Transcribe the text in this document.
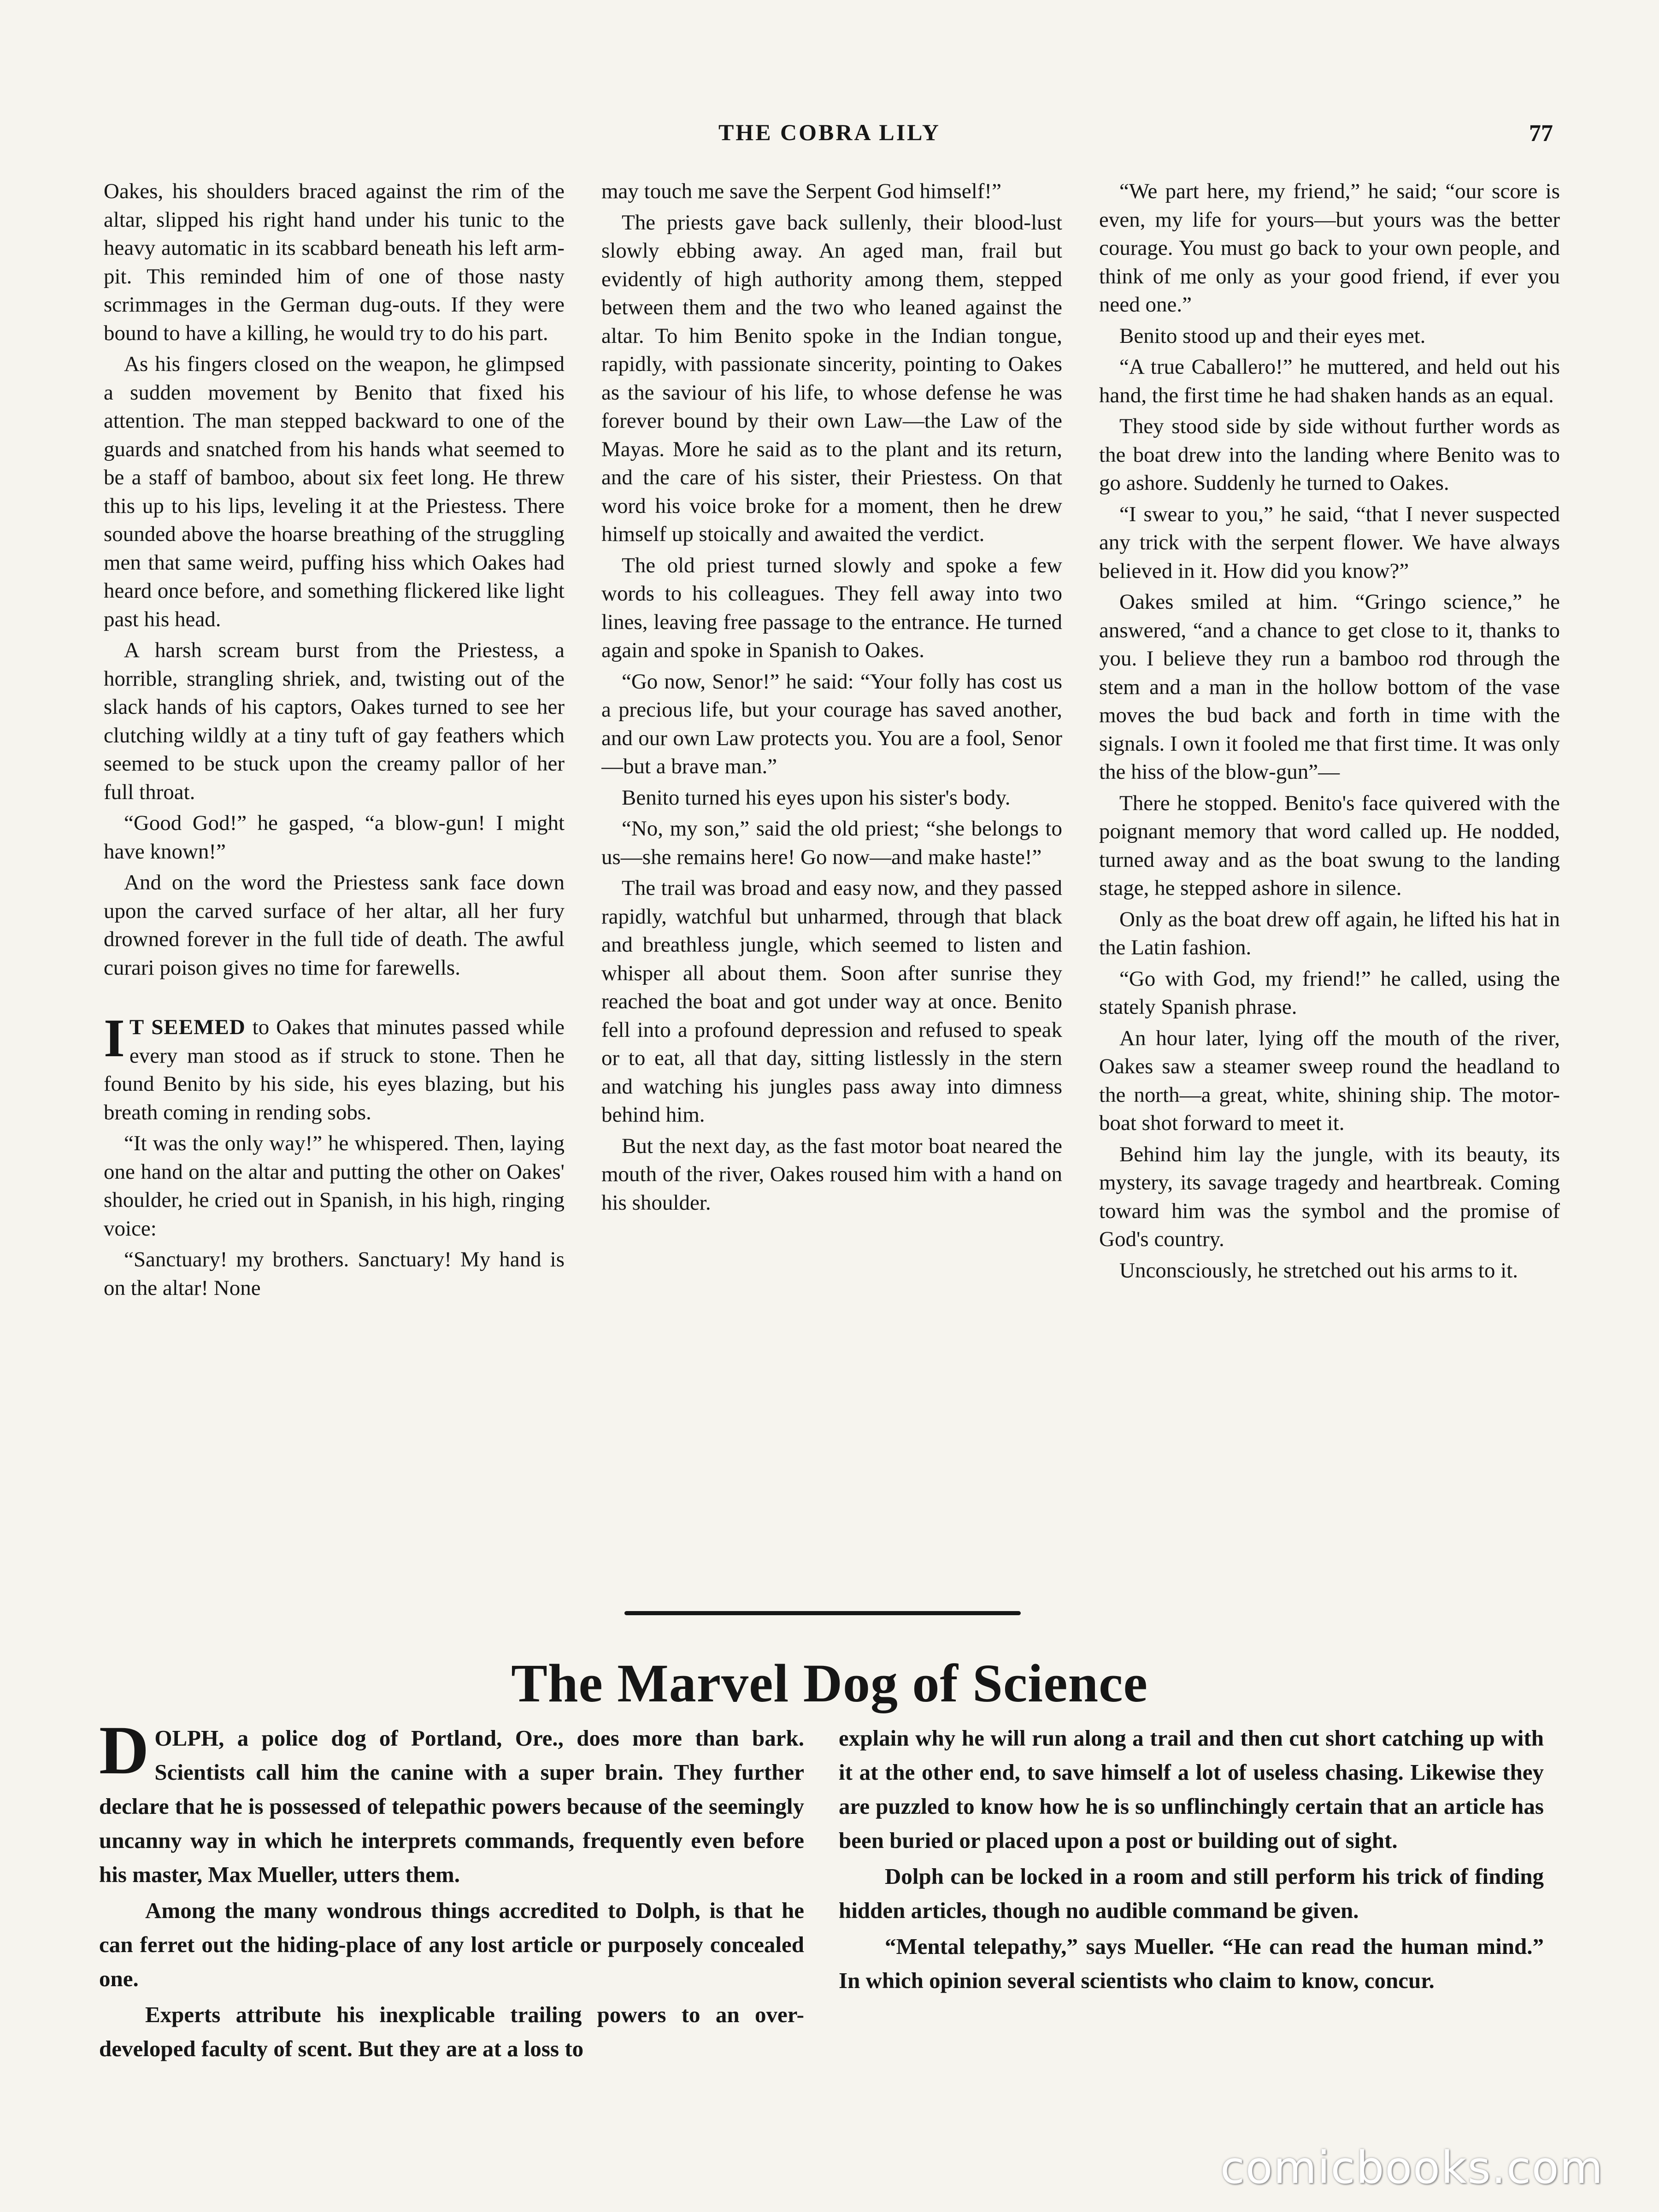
THE COBRA LILY	77

Oakes, his shoulders braced against the rim of the altar, slipped his right hand under his tunic to the heavy automatic in its scabbard beneath his left arm-pit. This reminded him of one of those nasty scrimmages in the German dug-outs. If they were bound to have a killing, he would try to do his part.

As his fingers closed on the weapon, he glimpsed a sudden movement by Benito that fixed his attention. The man stepped backward to one of the guards and snatched from his hands what seemed to be a staff of bamboo, about six feet long. He threw this up to his lips, leveling it at the Priestess. There sounded above the hoarse breathing of the struggling men that same weird, puffing hiss which Oakes had heard once before, and something flickered like light past his head.

A harsh scream burst from the Priestess, a horrible, strangling shriek, and, twisting out of the slack hands of his captors, Oakes turned to see her clutching wildly at a tiny tuft of gay feathers which seemed to be stuck upon the creamy pallor of her full throat.

“Good God!” he gasped, “a blow-gun! I might have known!”

And on the word the Priestess sank face down upon the carved surface of her altar, all her fury drowned forever in the full tide of death. The awful curari poison gives no time for farewells.

I T SEEMED to Oakes that minutes passed while every man stood as if struck to stone. Then he found Benito by his side, his eyes blazing, but his breath coming in rending sobs.

“It was the only way!” he whispered. Then, laying one hand on the altar and putting the other on Oakes' shoulder, he cried out in Spanish, in his high, ringing voice:

“Sanctuary! my brothers. Sanctuary! My hand is on the altar! None

may touch me save the Serpent God himself!”

The priests gave back sullenly, their blood-lust slowly ebbing away. An aged man, frail but evidently of high authority among them, stepped between them and the two who leaned against the altar. To him Benito spoke in the Indian tongue, rapidly, with passionate sincerity, pointing to Oakes as the saviour of his life, to whose defense he was forever bound by their own Law—the Law of the Mayas. More he said as to the plant and its return, and the care of his sister, their Priestess. On that word his voice broke for a moment, then he drew himself up stoically and awaited the verdict.

The old priest turned slowly and spoke a few words to his colleagues. They fell away into two lines, leaving free passage to the entrance. He turned again and spoke in Spanish to Oakes.

“Go now, Senor!” he said: “Your folly has cost us a precious life, but your courage has saved another, and our own Law protects you. You are a fool, Senor—but a brave man.”

Benito turned his eyes upon his sister's body.

“No, my son,” said the old priest; “she belongs to us—she remains here! Go now—and make haste!”

The trail was broad and easy now, and they passed rapidly, watchful but unharmed, through that black and breathless jungle, which seemed to listen and whisper all about them. Soon after sunrise they reached the boat and got under way at once. Benito fell into a profound depression and refused to speak or to eat, all that day, sitting listlessly in the stern and watching his jungles pass away into dimness behind him.

But the next day, as the fast motor boat neared the mouth of the river, Oakes roused him with a hand on his shoulder.

“We part here, my friend,” he said; “our score is even, my life for yours—but yours was the better courage. You must go back to your own people, and think of me only as your good friend, if ever you need one.”

Benito stood up and their eyes met.

“A true Caballero!” he muttered, and held out his hand, the first time he had shaken hands as an equal.

They stood side by side without further words as the boat drew into the landing where Benito was to go ashore. Suddenly he turned to Oakes.

“I swear to you,” he said, “that I never suspected any trick with the serpent flower. We have always believed in it. How did you know?”

Oakes smiled at him. “Gringo science,” he answered, “and a chance to get close to it, thanks to you. I believe they run a bamboo rod through the stem and a man in the hollow bottom of the vase moves the bud back and forth in time with the signals. I own it fooled me that first time. It was only the hiss of the blow-gun”—

There he stopped. Benito's face quivered with the poignant memory that word called up. He nodded, turned away and as the boat swung to the landing stage, he stepped ashore in silence.

Only as the boat drew off again, he lifted his hat in the Latin fashion.

“Go with God, my friend!” he called, using the stately Spanish phrase.

An hour later, lying off the mouth of the river, Oakes saw a steamer sweep round the headland to the north—a great, white, shining ship. The motor-boat shot forward to meet it.

Behind him lay the jungle, with its beauty, its mystery, its savage tragedy and heartbreak. Coming toward him was the symbol and the promise of God's country.

Unconsciously, he stretched out his arms to it.

The Marvel Dog of Science

DOLPH, a police dog of Portland, Ore., does more than bark. Scientists call him the canine with a super brain. They further declare that he is possessed of telepathic powers because of the seemingly uncanny way in which he interprets commands, frequently even before his master, Max Mueller, utters them.

Among the many wondrous things accredited to Dolph, is that he can ferret out the hiding-place of any lost article or purposely concealed one.

Experts attribute his inexplicable trailing powers to an over-developed faculty of scent. But they are at a loss to

explain why he will run along a trail and then cut short catching up with it at the other end, to save himself a lot of useless chasing. Likewise they are puzzled to know how he is so unflinchingly certain that an article has been buried or placed upon a post or building out of sight.

Dolph can be locked in a room and still perform his trick of finding hidden articles, though no audible command be given.

“Mental telepathy,” says Mueller. “He can read the human mind.” In which opinion several scientists who claim to know, concur.

comicbooks.com
